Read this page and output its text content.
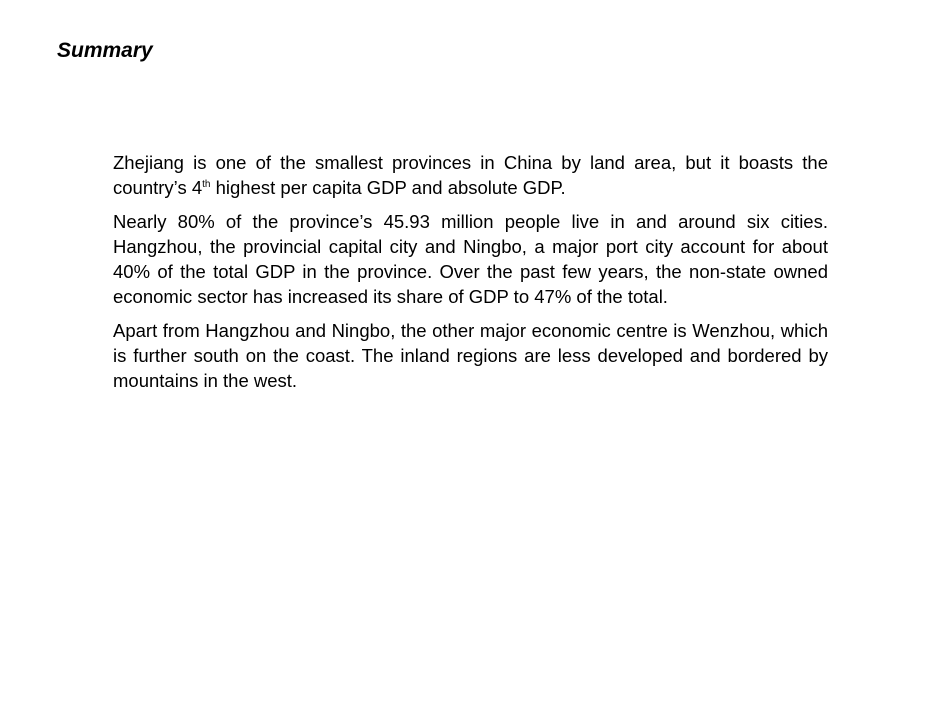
Summary

Zhejiang is one of the smallest provinces in China by land area, but it boasts the country’s 4th highest per capita GDP and absolute GDP.

Nearly 80% of the province’s 45.93 million people live in and around six cities. Hangzhou, the provincial capital city and Ningbo, a major port city account for about 40% of the total GDP in the province. Over the past few years, the non-state owned economic sector has increased its share of GDP to 47% of the total.

Apart from Hangzhou and Ningbo, the other major economic centre is Wenzhou, which is further south on the coast. The inland regions are less developed and bordered by mountains in the west.
